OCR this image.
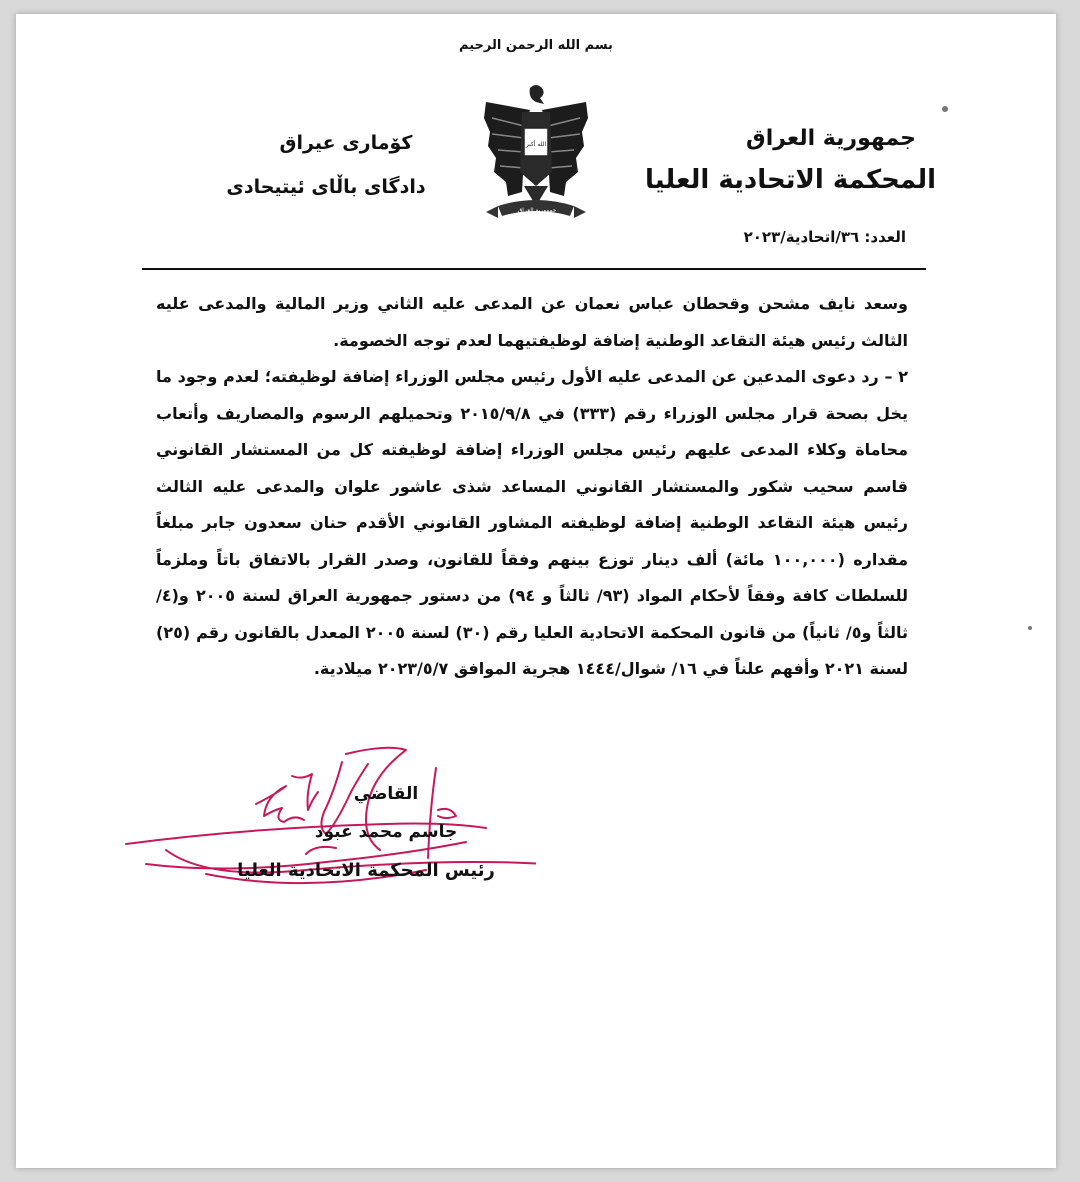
بسم الله الرحمن الرحيم
جمهورية العراق
المحكمة الاتحادية العليا
الله أكبر
جمهورية العراق
كۆمارى عيراق
دادگای باڵای ئیتیحادی
العدد: ٣٦/اتحادية/٢٠٢٣

وسعد نايف مشحن وقحطان عباس نعمان عن المدعى عليه الثاني وزير المالية والمدعى عليه الثالث رئيس هيئة التقاعد الوطنية إضافة لوظيفتيهما لعدم توجه الخصومة.

٢ – رد دعوى المدعين عن المدعى عليه الأول رئيس مجلس الوزراء إضافة لوظيفته؛ لعدم وجود ما يخل بصحة قرار مجلس الوزراء رقم (٣٣٣) في ٢٠١٥/٩/٨ وتحميلهم الرسوم والمصاريف وأتعاب محاماة وكلاء المدعى عليهم رئيس مجلس الوزراء إضافة لوظيفته كل من المستشار القانوني قاسم سحيب شكور والمستشار القانوني المساعد شذى عاشور علوان والمدعى عليه الثالث رئيس هيئة التقاعد الوطنية إضافة لوظيفته المشاور القانوني الأقدم حنان سعدون جابر مبلغاً مقداره (١٠٠,٠٠٠ مائة) ألف دينار توزع بينهم وفقاً للقانون، وصدر القرار بالاتفاق باتاً وملزماً للسلطات كافة وفقاً لأحكام المواد (٩٣/ ثالثاً و ٩٤) من دستور جمهورية العراق لسنة ٢٠٠٥ و(٤/ ثالثاً و٥/ ثانياً) من قانون المحكمة الاتحادية العليا رقم (٣٠) لسنة ٢٠٠٥ المعدل بالقانون رقم (٢٥) لسنة ٢٠٢١ وأفهم علناً في ١٦/ شوال/١٤٤٤ هجرية الموافق ٢٠٢٣/٥/٧ ميلادية.

القاضي
جاسم محمد عبود
رئيس المحكمة الاتحادية العليا
